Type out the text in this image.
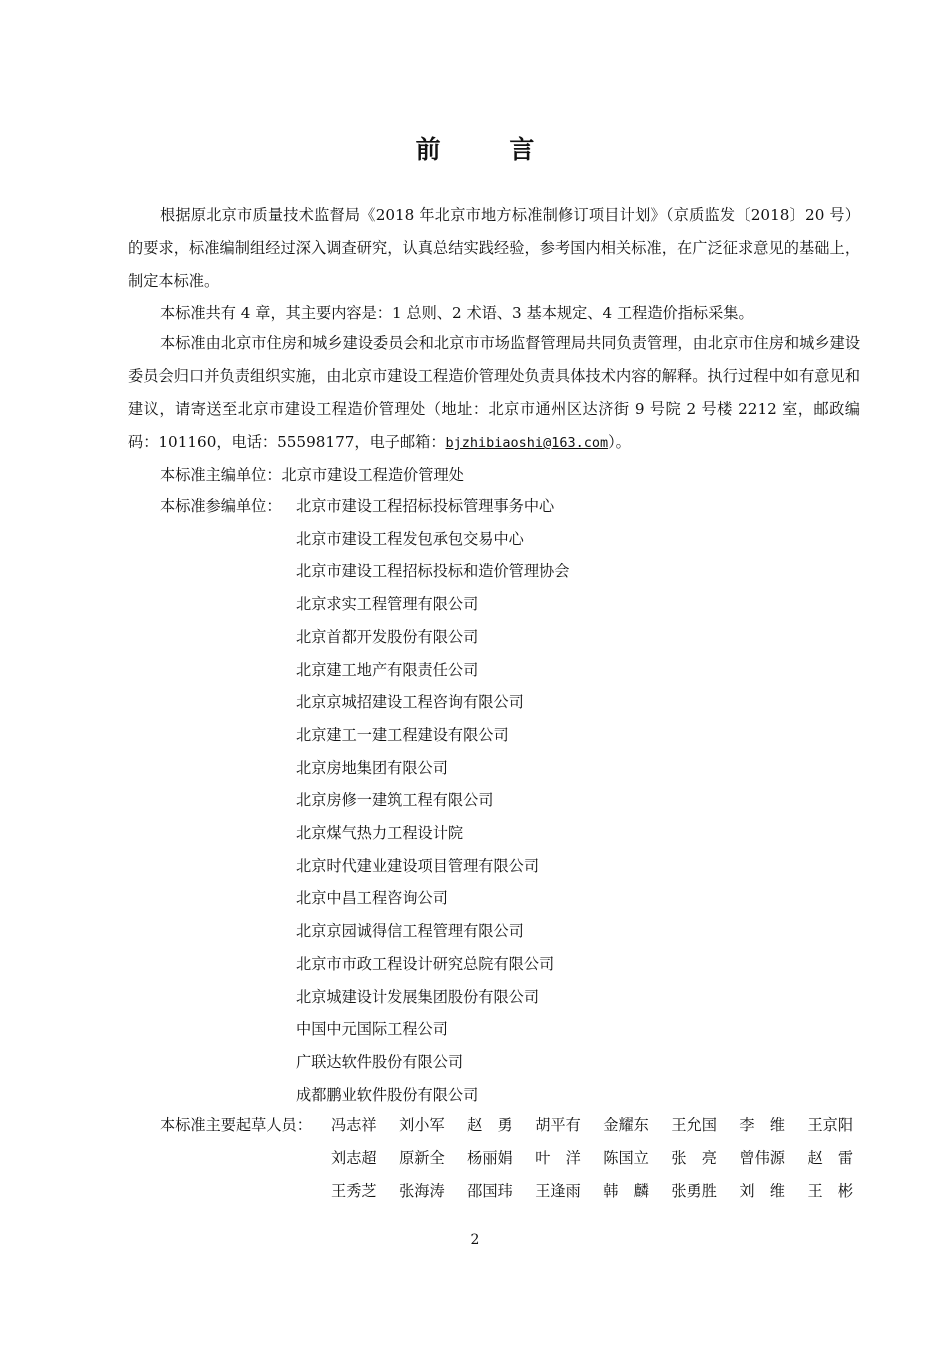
前 言

根据原北京市质量技术监督局《2018 年北京市地方标准制修订项目计划》（京质监发〔2018〕20 号）的要求，标准编制组经过深入调查研究，认真总结实践经验，参考国内相关标准，在广泛征求意见的基础上，制定本标准。

本标准共有 4 章，其主要内容是：1 总则、2 术语、3 基本规定、4 工程造价指标采集。

本标准由北京市住房和城乡建设委员会和北京市市场监督管理局共同负责管理，由北京市住房和城乡建设委员会归口并负责组织实施，由北京市建设工程造价管理处负责具体技术内容的解释。执行过程中如有意见和建议，请寄送至北京市建设工程造价管理处（地址：北京市通州区达济街 9 号院 2 号楼 2212 室，邮政编码：101160，电话：55598177，电子邮箱：bjzhibiaoshi@163.com）。

本标准主编单位：北京市建设工程造价管理处
本标准参编单位： 北京市建设工程招标投标管理事务中心
北京市建设工程发包承包交易中心
北京市建设工程招标投标和造价管理协会
北京求实工程管理有限公司
北京首都开发股份有限公司
北京建工地产有限责任公司
北京京城招建设工程咨询有限公司
北京建工一建工程建设有限公司
北京房地集团有限公司
北京房修一建筑工程有限公司
北京煤气热力工程设计院
北京时代建业建设项目管理有限公司
北京中昌工程咨询公司
北京京园诚得信工程管理有限公司
北京市市政工程设计研究总院有限公司
北京城建设计发展集团股份有限公司
中国中元国际工程公司
广联达软件股份有限公司
成都鹏业软件股份有限公司
本标准主要起草人员： 冯志祥 刘小军 赵　勇 胡平有 金耀东 王允国 李　维 王京阳
刘志超 原新全 杨丽娟 叶　洋 陈国立 张　亮 曾伟源 赵　雷
王秀芝 张海涛 邵国玮 王逢雨 韩　麟 张勇胜 刘　维 王　彬
2
